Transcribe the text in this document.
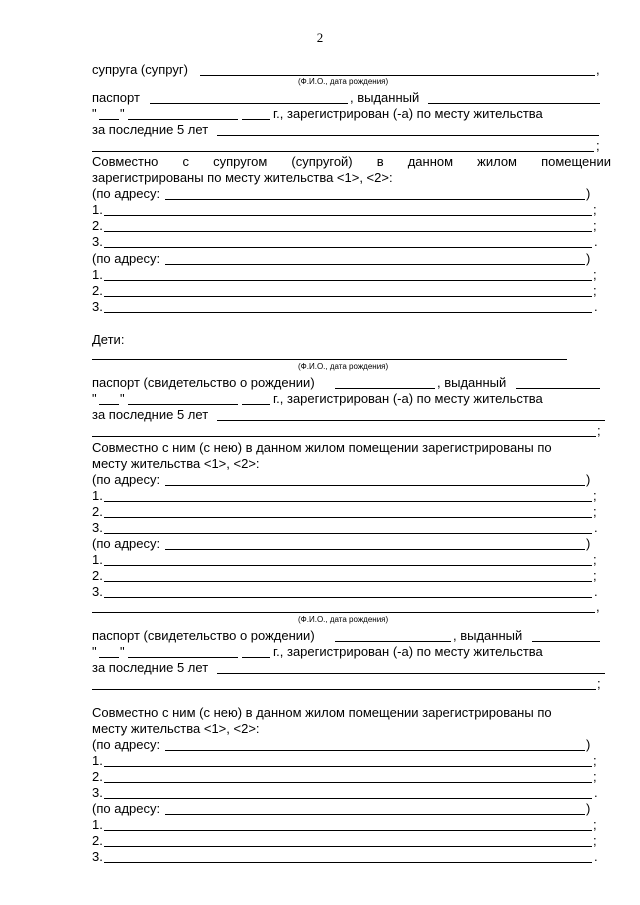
2
супруга (супруг)	,
(Ф.И.О., дата рождения)
паспорт	, выданный
" "	г., зарегистрирован (-а) по месту жительства
за последние 5 лет
;
Совместно с супругом (супругой) в данном жилом помещении
зарегистрированы по месту жительства <1>, <2>:
(по адресу:	)
1.	;
2.	;
3.	.
(по адресу:	)
1.	;
2.	;
3.	.
Дети:
(Ф.И.О., дата рождения)
паспорт (свидетельство о рождении)	, выданный
" "	г., зарегистрирован (-а) по месту жительства
за последние 5 лет
;
Совместно с ним (с нею) в данном жилом помещении зарегистрированы по
месту жительства <1>, <2>:
(по адресу:	)
1.	;
2.	;
3.	.
(по адресу:	)
1.	;
2.	;
3.	.
,
(Ф.И.О., дата рождения)
паспорт (свидетельство о рождении)	, выданный
" "	г., зарегистрирован (-а) по месту жительства
за последние 5 лет
;
Совместно с ним (с нею) в данном жилом помещении зарегистрированы по
месту жительства <1>, <2>:
(по адресу:	)
1.	;
2.	;
3.	.
(по адресу:	)
1.	;
2.	;
3.	.
